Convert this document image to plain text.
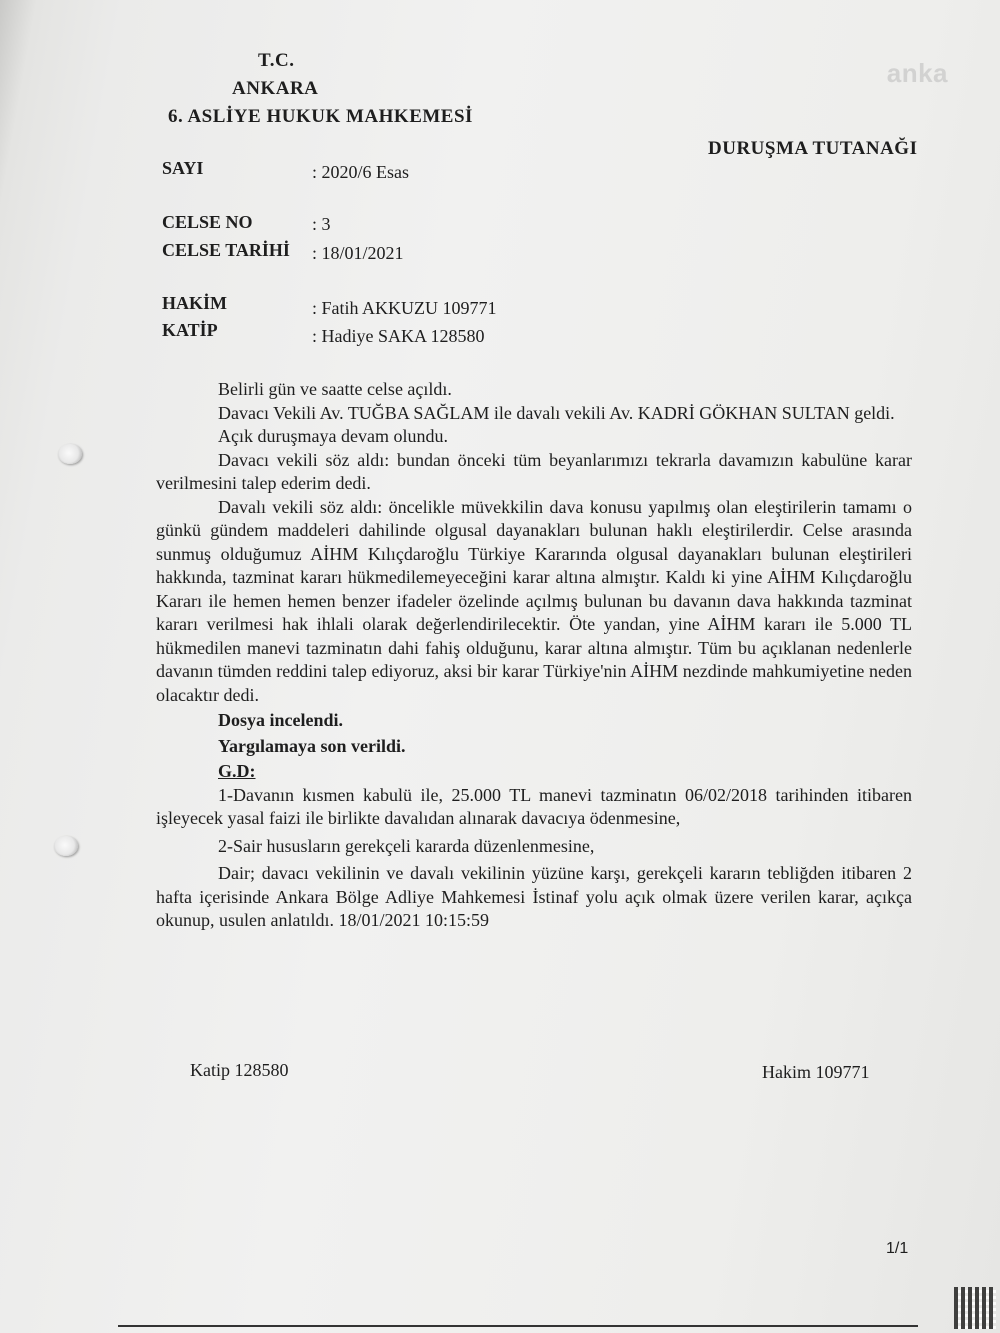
anka
T.C.
ANKARA
6. ASLİYE HUKUK MAHKEMESİ
DURUŞMA TUTANAĞI
SAYI	: 2020/6 Esas
CELSE NO	: 3
CELSE TARİHİ : 18/01/2021
HAKİM	: Fatih AKKUZU 109771
KATİP	: Hadiye SAKA 128580

Belirli gün ve saatte celse açıldı.

Davacı Vekili Av. TUĞBA SAĞLAM ile davalı vekili Av. KADRİ GÖKHAN SULTAN geldi.

Açık duruşmaya devam olundu.

Davacı vekili söz aldı: bundan önceki tüm beyanlarımızı tekrarla davamızın kabulüne karar verilmesini talep ederim dedi.

Davalı vekili söz aldı: öncelikle müvekkilin dava konusu yapılmış olan eleştirilerin tamamı o günkü gündem maddeleri dahilinde olgusal dayanakları bulunan haklı eleştirilerdir. Celse arasında sunmuş olduğumuz AİHM Kılıçdaroğlu Türkiye Kararında olgusal dayanakları bulunan eleştirileri hakkında, tazminat kararı hükmedilemeyeceğini karar altına almıştır. Kaldı ki yine AİHM Kılıçdaroğlu Kararı ile hemen hemen benzer ifadeler özelinde açılmış bulunan bu davanın dava hakkında tazminat kararı verilmesi hak ihlali olarak değerlendirilecektir. Öte yandan, yine AİHM kararı ile 5.000 TL hükmedilen manevi tazminatın dahi fahiş olduğunu, karar altına almıştır. Tüm bu açıklanan nedenlerle davanın tümden reddini talep ediyoruz, aksi bir karar Türkiye'nin AİHM nezdinde mahkumiyetine neden olacaktır dedi.

Dosya incelendi.

Yargılamaya son verildi.

G.D:

1-Davanın kısmen kabulü ile, 25.000 TL manevi tazminatın 06/02/2018 tarihinden itibaren işleyecek yasal faizi ile birlikte davalıdan alınarak davacıya ödenmesine,

2-Sair hususların gerekçeli kararda düzenlenmesine,

Dair; davacı vekilinin ve davalı vekilinin yüzüne karşı, gerekçeli kararın tebliğden itibaren 2 hafta içerisinde Ankara Bölge Adliye Mahkemesi İstinaf yolu açık olmak üzere verilen karar, açıkça okunup, usulen anlatıldı. 18/01/2021 10:15:59

Katip 128580	Hakim 109771
1/1
